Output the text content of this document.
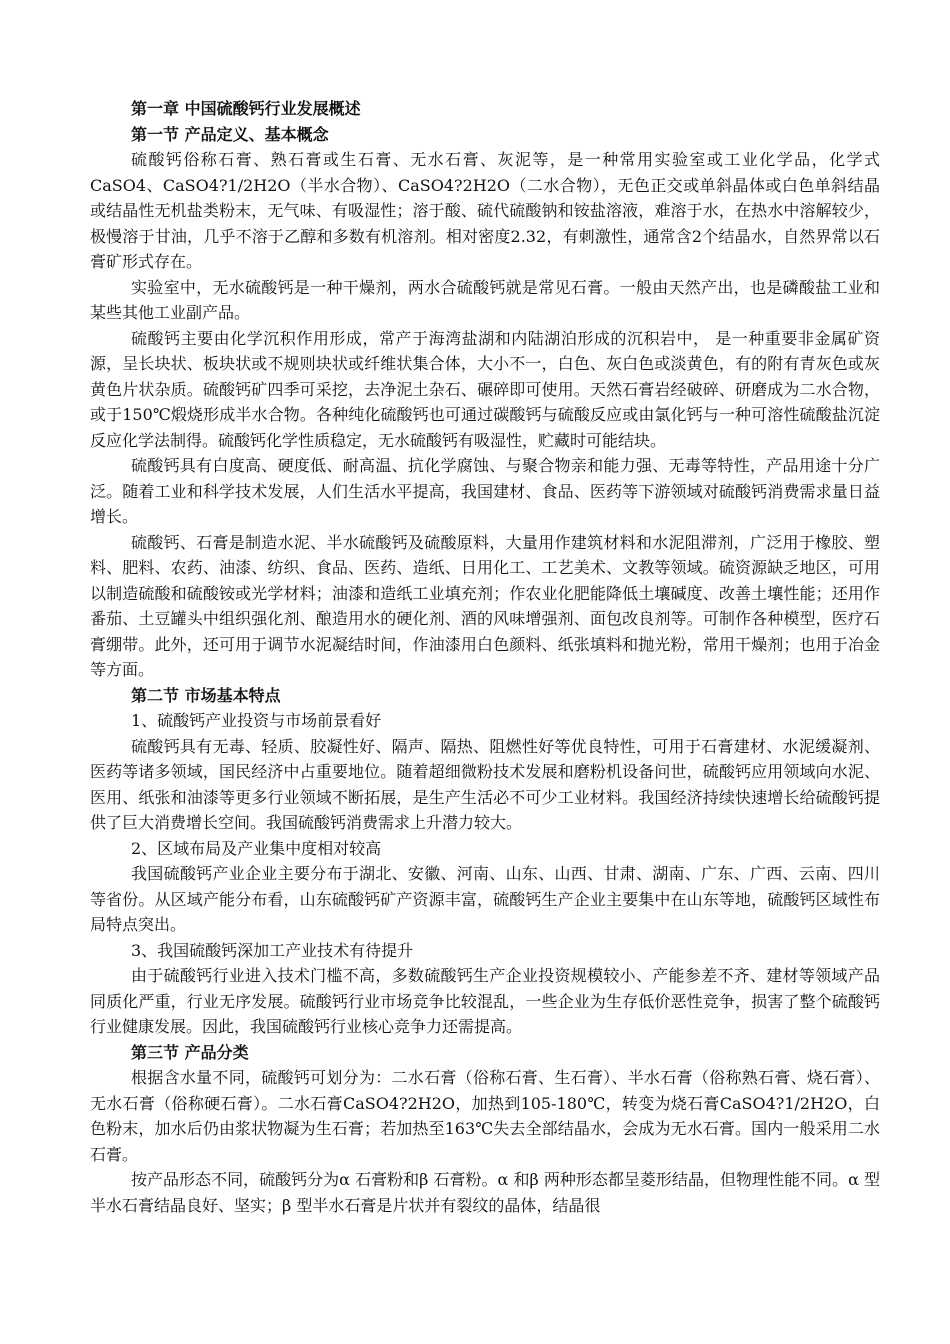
第一章 中国硫酸钙行业发展概述

第一节 产品定义、基本概念

硫酸钙俗称石膏、熟石膏或生石膏、无水石膏、灰泥等，是一种常用实验室或工业化学品，化学式CaSO4、CaSO4?1/2H2O（半水合物）、CaSO4?2H2O（二水合物），无色正交或单斜晶体或白色单斜结晶或结晶性无机盐类粉末，无气味、有吸湿性；溶于酸、硫代硫酸钠和铵盐溶液，难溶于水，在热水中溶解较少，极慢溶于甘油，几乎不溶于乙醇和多数有机溶剂。相对密度2.32，有刺激性，通常含2个结晶水，自然界常以石膏矿形式存在。

实验室中，无水硫酸钙是一种干燥剂，两水合硫酸钙就是常见石膏。一般由天然产出，也是磷酸盐工业和某些其他工业副产品。

硫酸钙主要由化学沉积作用形成，常产于海湾盐湖和内陆湖泊形成的沉积岩中， 是一种重要非金属矿资源，呈长块状、板块状或不规则块状或纤维状集合体，大小不一，白色、灰白色或淡黄色，有的附有青灰色或灰黄色片状杂质。硫酸钙矿四季可采挖，去净泥土杂石、碾碎即可使用。天然石膏岩经破碎、研磨成为二水合物，或于150℃煅烧形成半水合物。各种纯化硫酸钙也可通过碳酸钙与硫酸反应或由氯化钙与一种可溶性硫酸盐沉淀反应化学法制得。硫酸钙化学性质稳定，无水硫酸钙有吸湿性，贮藏时可能结块。

硫酸钙具有白度高、硬度低、耐高温、抗化学腐蚀、与聚合物亲和能力强、无毒等特性，产品用途十分广泛。随着工业和科学技术发展，人们生活水平提高，我国建材、食品、医药等下游领域对硫酸钙消费需求量日益增长。

硫酸钙、石膏是制造水泥、半水硫酸钙及硫酸原料，大量用作建筑材料和水泥阻滞剂，广泛用于橡胶、塑料、肥料、农药、油漆、纺织、食品、医药、造纸、日用化工、工艺美术、文教等领域。硫资源缺乏地区，可用以制造硫酸和硫酸铵或光学材料；油漆和造纸工业填充剂；作农业化肥能降低土壤碱度、改善土壤性能；还用作番茄、土豆罐头中组织强化剂、酿造用水的硬化剂、酒的风味增强剂、面包改良剂等。可制作各种模型，医疗石膏绷带。此外，还可用于调节水泥凝结时间，作油漆用白色颜料、纸张填料和抛光粉，常用干燥剂；也用于冶金等方面。

第二节 市场基本特点

1、硫酸钙产业投资与市场前景看好

硫酸钙具有无毒、轻质、胶凝性好、隔声、隔热、阻燃性好等优良特性，可用于石膏建材、水泥缓凝剂、医药等诸多领域，国民经济中占重要地位。随着超细微粉技术发展和磨粉机设备问世，硫酸钙应用领域向水泥、医用、纸张和油漆等更多行业领域不断拓展，是生产生活必不可少工业材料。我国经济持续快速增长给硫酸钙提供了巨大消费增长空间。我国硫酸钙消费需求上升潜力较大。

2、区域布局及产业集中度相对较高

我国硫酸钙产业企业主要分布于湖北、安徽、河南、山东、山西、甘肃、湖南、广东、广西、云南、四川等省份。从区域产能分布看，山东硫酸钙矿产资源丰富，硫酸钙生产企业主要集中在山东等地，硫酸钙区域性布局特点突出。

3、我国硫酸钙深加工产业技术有待提升

由于硫酸钙行业进入技术门槛不高，多数硫酸钙生产企业投资规模较小、产能参差不齐、建材等领域产品同质化严重，行业无序发展。硫酸钙行业市场竞争比较混乱，一些企业为生存低价恶性竞争，损害了整个硫酸钙行业健康发展。因此，我国硫酸钙行业核心竞争力还需提高。

第三节 产品分类

根据含水量不同，硫酸钙可划分为：二水石膏（俗称石膏、生石膏）、半水石膏（俗称熟石膏、烧石膏）、无水石膏（俗称硬石膏）。二水石膏CaSO4?2H2O，加热到105-180℃，转变为烧石膏CaSO4?1/2H2O，白色粉末，加水后仍由浆状物凝为生石膏；若加热至163℃失去全部结晶水，会成为无水石膏。国内一般采用二水石膏。

按产品形态不同，硫酸钙分为α 石膏粉和β 石膏粉。α 和β 两种形态都呈菱形结晶，但物理性能不同。α 型半水石膏结晶良好、坚实；β 型半水石膏是片状并有裂纹的晶体，结晶很
